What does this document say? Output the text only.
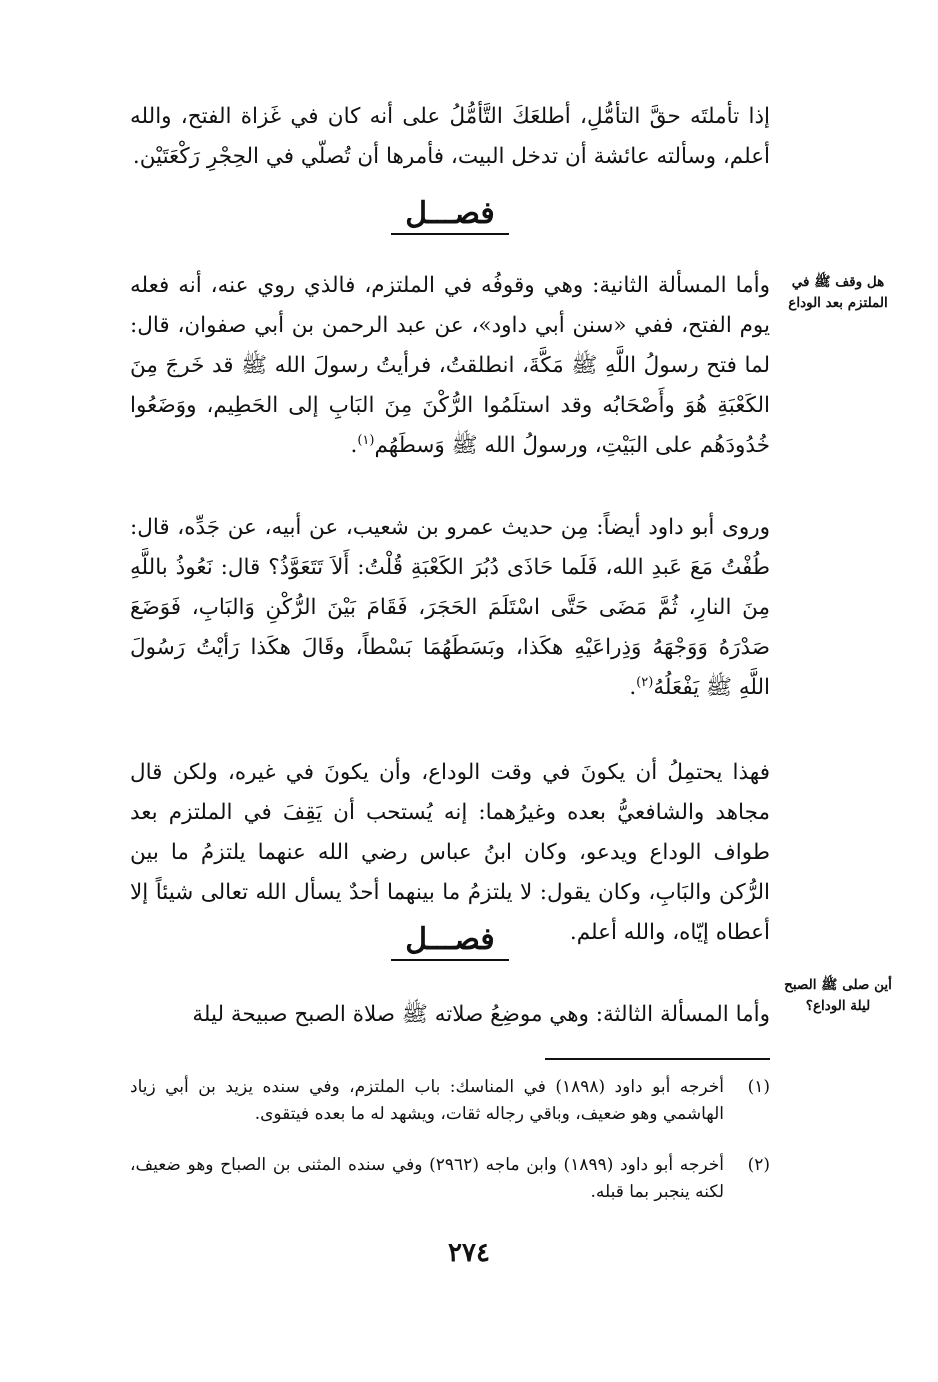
إذا تأملتَه حقَّ التأمُّلِ، أطلعَكَ التَّأمُّلُ على أنه كان في غَزاة الفتح، والله أعلم، وسألته عائشة أن تدخل البيت، فأمرها أن تُصلّي في الحِجْرِ رَكْعَتَيْن.

فصـــل

هل وقف ﷺ في الملتزم بعد الوداع

وأما المسألة الثانية: وهي وقوفُه في الملتزم، فالذي روي عنه، أنه فعله يوم الفتح، ففي «سنن أبي داود»، عن عبد الرحمن بن أبي صفوان، قال: لما فتح رسولُ اللَّهِ ﷺ مَكَّةَ، انطلقتُ، فرأيتُ رسولَ الله ﷺ قد خَرجَ مِنَ الكَعْبَةِ هُوَ وأَصْحَابُه وقد استلَمُوا الرُّكْنَ مِنَ البَابِ إلى الحَطِيم، ووَضَعُوا خُدُودَهُم على البَيْتِ، ورسولُ الله ﷺ وَسطَهُم$^{(١)}$.

وروى أبو داود أيضاً: مِن حديث عمرو بن شعيب، عن أبيه، عن جَدِّه، قال: طُفْتُ مَعَ عَبدِ الله، فَلَما حَاذَى دُبُرَ الكَعْبَةِ قُلْتُ: أَلاَ تَتَعَوَّذُ؟ قال: نَعُوذُ باللَّهِ مِنَ النارِ، ثُمَّ مَضَى حَتَّى اسْتَلَمَ الحَجَرَ، فَقَامَ بَيْنَ الرُّكْنِ وَالبَابِ، فَوَضَعَ صَدْرَهُ وَوَجْهَهُ وَذِراعَيْهِ هكَذا، وبَسَطَهُمَا بَسْطاً، وقَالَ هكَذا رَأيْتُ رَسُولَ اللَّهِ ﷺ يَفْعَلُهُ$^{(٢)}$.

فهذا يحتمِلُ أن يكونَ في وقت الوداع، وأن يكونَ في غيره، ولكن قال مجاهد والشافعيُّ بعده وغيرُهما: إنه يُستحب أن يَقِفَ في الملتزم بعد طواف الوداع ويدعو، وكان ابنُ عباس رضي الله عنهما يلتزمُ ما بين الرُّكن والبَابِ، وكان يقول: لا يلتزمُ ما بينهما أحدٌ يسأل الله تعالى شيئاً إلا أعطاه إيّاه، والله أعلم.

فصـــل

أين صلى ﷺ الصبح ليلة الوداع؟

وأما المسألة الثالثة: وهي موضِعُ صلاته ﷺ صلاة الصبح صبيحة ليلة

(١)
أخرجه أبو داود (١٨٩٨) في المناسك: باب الملتزم، وفي سنده يزيد بن أبي زياد الهاشمي وهو ضعيف، وباقي رجاله ثقات، ويشهد له ما بعده فيتقوى.
(٢)
أخرجه أبو داود (١٨٩٩) وابن ماجه (٢٩٦٢) وفي سنده المثنى بن الصباح وهو ضعيف، لكنه ينجبر بما قبله.

٢٧٤
